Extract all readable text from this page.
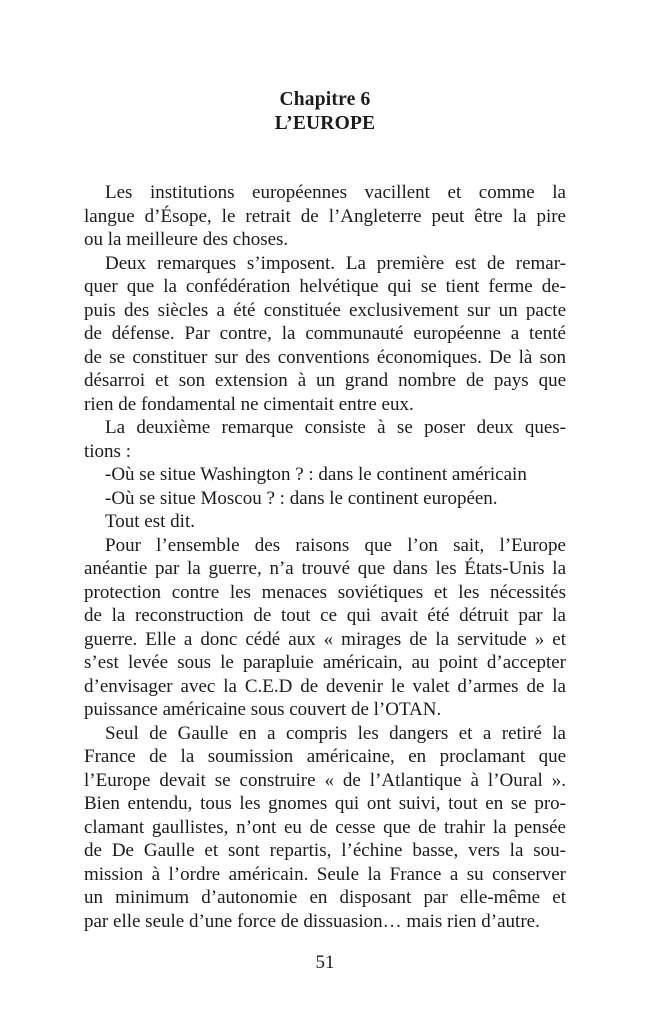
Chapitre 6
L’EUROPE
Les institutions européennes vacillent et comme la
langue d’Ésope, le retrait de l’Angleterre peut être la pire
ou la meilleure des choses.
Deux remarques s’imposent. La première est de remar-
quer que la confédération helvétique qui se tient ferme de-
puis des siècles a été constituée exclusivement sur un pacte
de défense. Par contre, la communauté européenne a tenté
de se constituer sur des conventions économiques. De là son
désarroi et son extension à un grand nombre de pays que
rien de fondamental ne cimentait entre eux.
La deuxième remarque consiste à se poser deux ques-
tions :
-Où se situe Washington ? : dans le continent américain
-Où se situe Moscou ? : dans le continent européen.
Tout est dit.
Pour l’ensemble des raisons que l’on sait, l’Europe
anéantie par la guerre, n’a trouvé que dans les États-Unis la
protection contre les menaces soviétiques et les nécessités
de la reconstruction de tout ce qui avait été détruit par la
guerre. Elle a donc cédé aux « mirages de la servitude » et
s’est levée sous le parapluie américain, au point d’accepter
d’envisager avec la C.E.D de devenir le valet d’armes de la
puissance américaine sous couvert de l’OTAN.
Seul de Gaulle en a compris les dangers et a retiré la
France de la soumission américaine, en proclamant que
l’Europe devait se construire « de l’Atlantique à l’Oural ».
Bien entendu, tous les gnomes qui ont suivi, tout en se pro-
clamant gaullistes, n’ont eu de cesse que de trahir la pensée
de De Gaulle et sont repartis, l’échine basse, vers la sou-
mission à l’ordre américain. Seule la France a su conserver
un minimum d’autonomie en disposant par elle-même et
par elle seule d’une force de dissuasion… mais rien d’autre.
51
